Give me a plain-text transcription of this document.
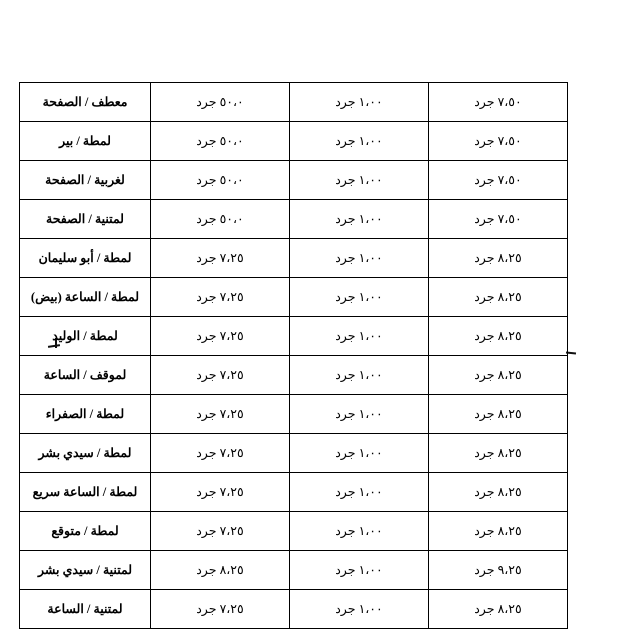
٧،٥٠ جرد	١،٠٠ جرد	٥٠،٠ جرد	معطف / الصفحة
٧،٥٠ جرد	١،٠٠ جرد	٥٠،٠ جرد	لمطة / بير
٧،٥٠ جرد	١،٠٠ جرد	٥٠،٠ جرد	لغربية / الصفحة
٧،٥٠ جرد	١،٠٠ جرد	٥٠،٠ جرد	لمتنية / الصفحة
٨،٢٥ جرد	١،٠٠ جرد	٧،٢٥ جرد	لمطة / أبو سليمان
٨،٢٥ جرد	١،٠٠ جرد	٧،٢٥ جرد	لمطة / الساعة (بيض)
٨،٢٥ جرد	١،٠٠ جرد	٧،٢٥ جرد	لمطة / الوليد
٨،٢٥ جرد	١،٠٠ جرد	٧،٢٥ جرد	لموقف / الساعة
٨،٢٥ جرد	١،٠٠ جرد	٧،٢٥ جرد	لمطة / الصفراء
٨،٢٥ جرد	١،٠٠ جرد	٧،٢٥ جرد	لمطة / سيدي بشر
٨،٢٥ جرد	١،٠٠ جرد	٧،٢٥ جرد	لمطة / الساعة سريع
٨،٢٥ جرد	١،٠٠ جرد	٧،٢٥ جرد	لمطة / متوقع
٩،٢٥ جرد	١،٠٠ جرد	٨،٢٥ جرد	لمتنية / سيدي بشر
٨،٢٥ جرد	١،٠٠ جرد	٧،٢٥ جرد	لمتنية / الساعة
